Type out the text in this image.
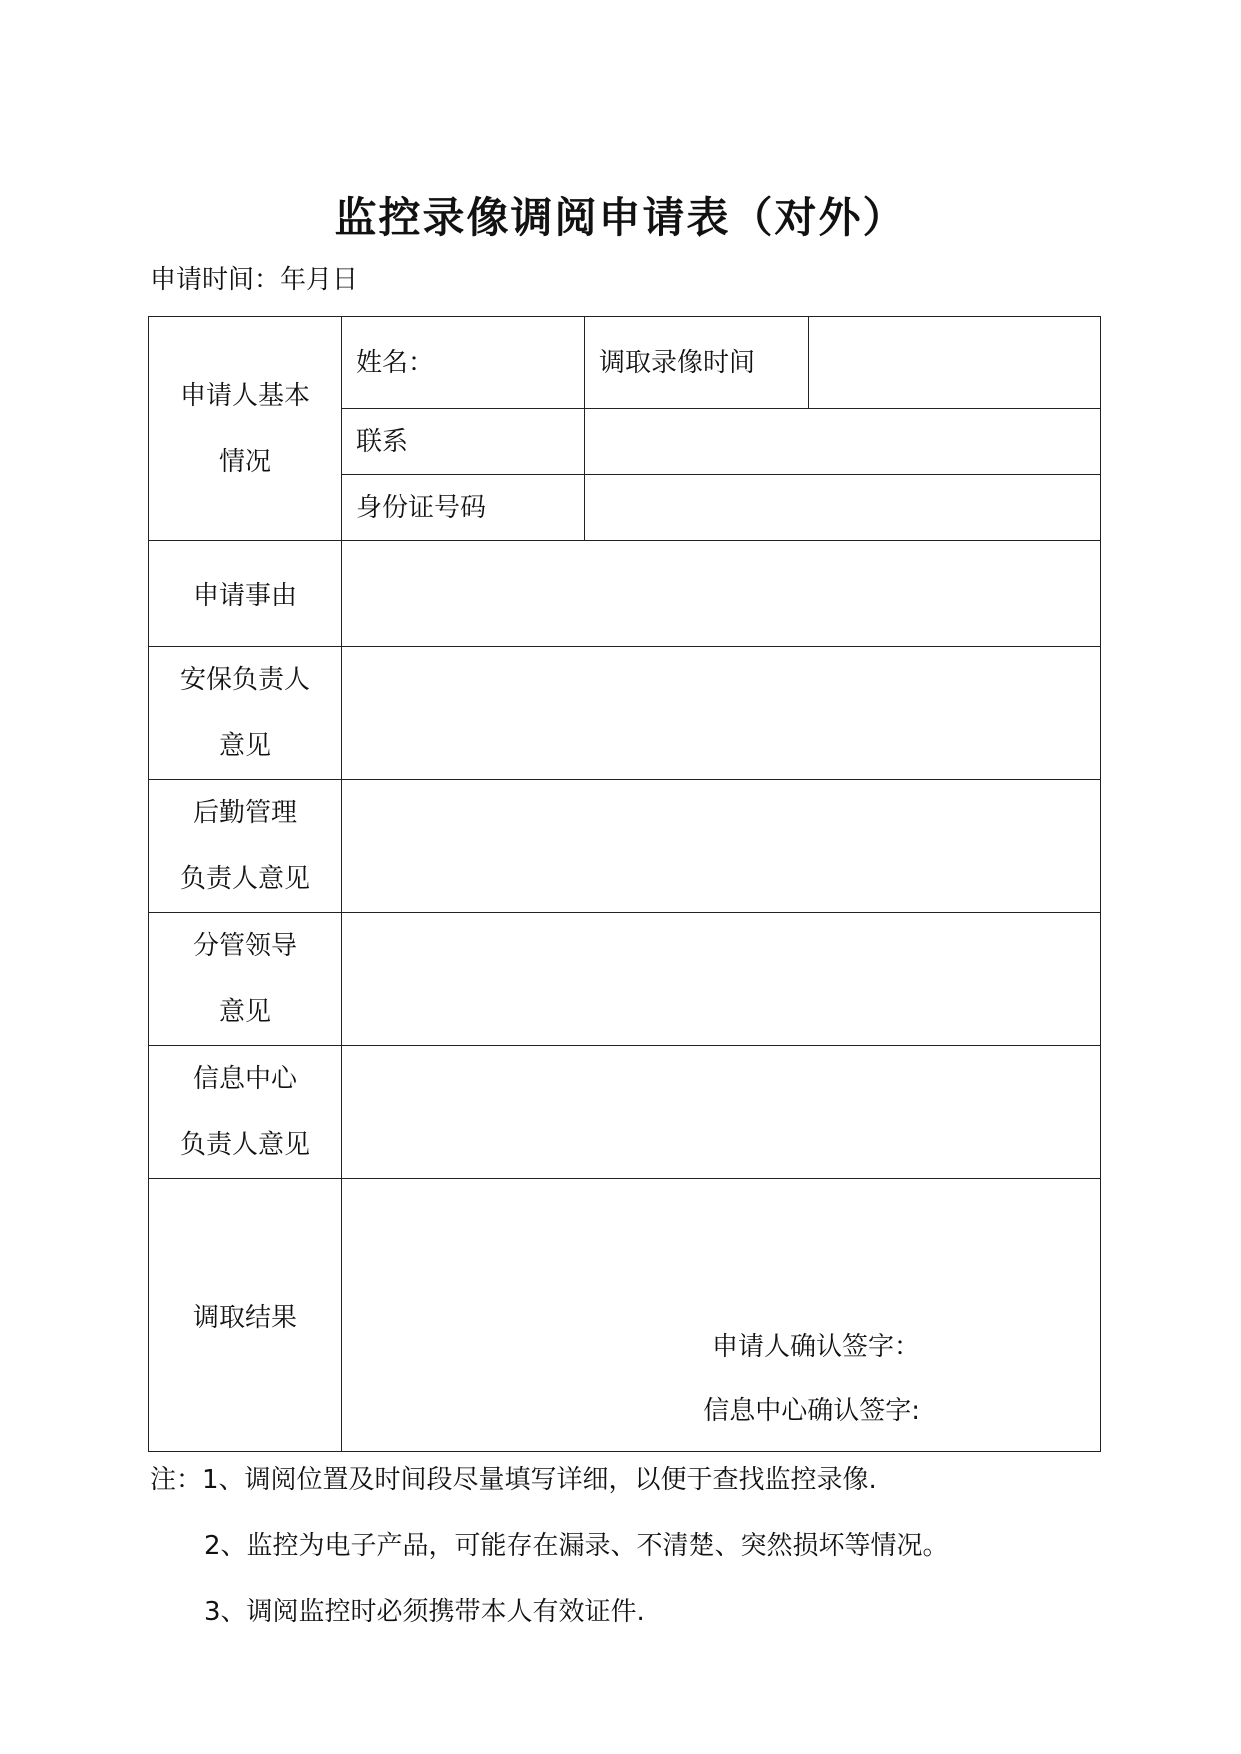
监控录像调阅申请表（对外）
申请时间：年月日
申请人基本
情况	姓名：	调取录像时间	
	联系		
	身份证号码		
申请事由			

安保负责人
意见			

后勤管理
负责人意见			

分管领导
意见			

信息中心
负责人意见			

调取结果	申请人确认签字：
信息中心确认签字:		
注：1、调阅位置及时间段尽量填写详细，以便于查找监控录像.
2、监控为电子产品，可能存在漏录、不清楚、突然损坏等情况。
3、调阅监控时必须携带本人有效证件.
